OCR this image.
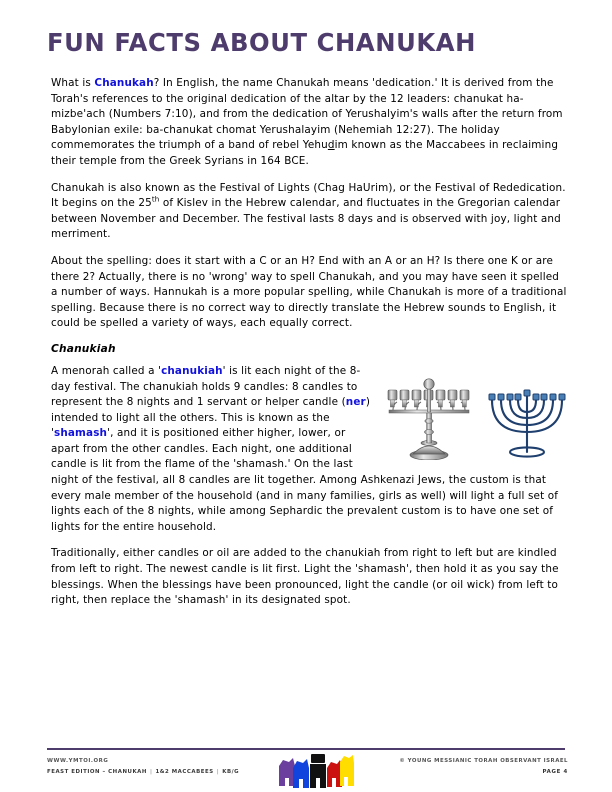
FUN FACTS ABOUT CHANUKAH

What is Chanukah? In English, the name Chanukah means 'dedication.' It is derived from the Torah's references to the original dedication of the altar by the 12 leaders: chanukat ha-mizbe'ach (Numbers 7:10), and from the dedication of Yerushalyim's walls after the return from Babylonian exile: ba-chanukat chomat Yerushalayim (Nehemiah 12:27). The holiday commemorates the triumph of a band of rebel Yehudim known as the Maccabees in reclaiming their temple from the Greek Syrians in 164 BCE.

Chanukah is also known as the Festival of Lights (Chag HaUrim), or the Festival of Rededication. It begins on the 25th of Kislev in the Hebrew calendar, and fluctuates in the Gregorian calendar between November and December. The festival lasts 8 days and is observed with joy, light and merriment.

About the spelling: does it start with a C or an H? End with an A or an H? Is there one K or are there 2? Actually, there is no 'wrong' way to spell Chanukah, and you may have seen it spelled a number of ways. Hannukah is a more popular spelling, while Chanukah is more of a traditional spelling. Because there is no correct way to directly translate the Hebrew sounds to English, it could be spelled a variety of ways, each equally correct.

Chanukiah

A menorah called a 'chanukiah' is lit each night of the 8-day festival. The chanukiah holds 9 candles: 8 candles to represent the 8 nights and 1 servant or helper candle (ner) intended to light all the others. This is known as the 'shamash', and it is positioned either higher, lower, or apart from the other candles. Each night, one additional candle is lit from the flame of the 'shamash.' On the last night of the festival, all 8 candles are lit together. Among Ashkenazi Jews, the custom is that every male member of the household (and in many families, girls as well) will light a full set of lights each of the 8 nights, while among Sephardic the prevalent custom is to have one set of lights for the entire household.

Traditionally, either candles or oil are added to the chanukiah from right to left but are kindled from left to right. The newest candle is lit first. Light the 'shamash', then hold it as you say the blessings. When the blessings have been pronounced, light the candle (or oil wick) from left to right, then replace the 'shamash' in its designated spot.

WWW.YMTOI.ORG
FEAST EDITION – CHANUKAH | 1&2 MACCABEES | KB/G
© YOUNG MESSIANIC TORAH OBSERVANT ISRAEL
PAGE 4
